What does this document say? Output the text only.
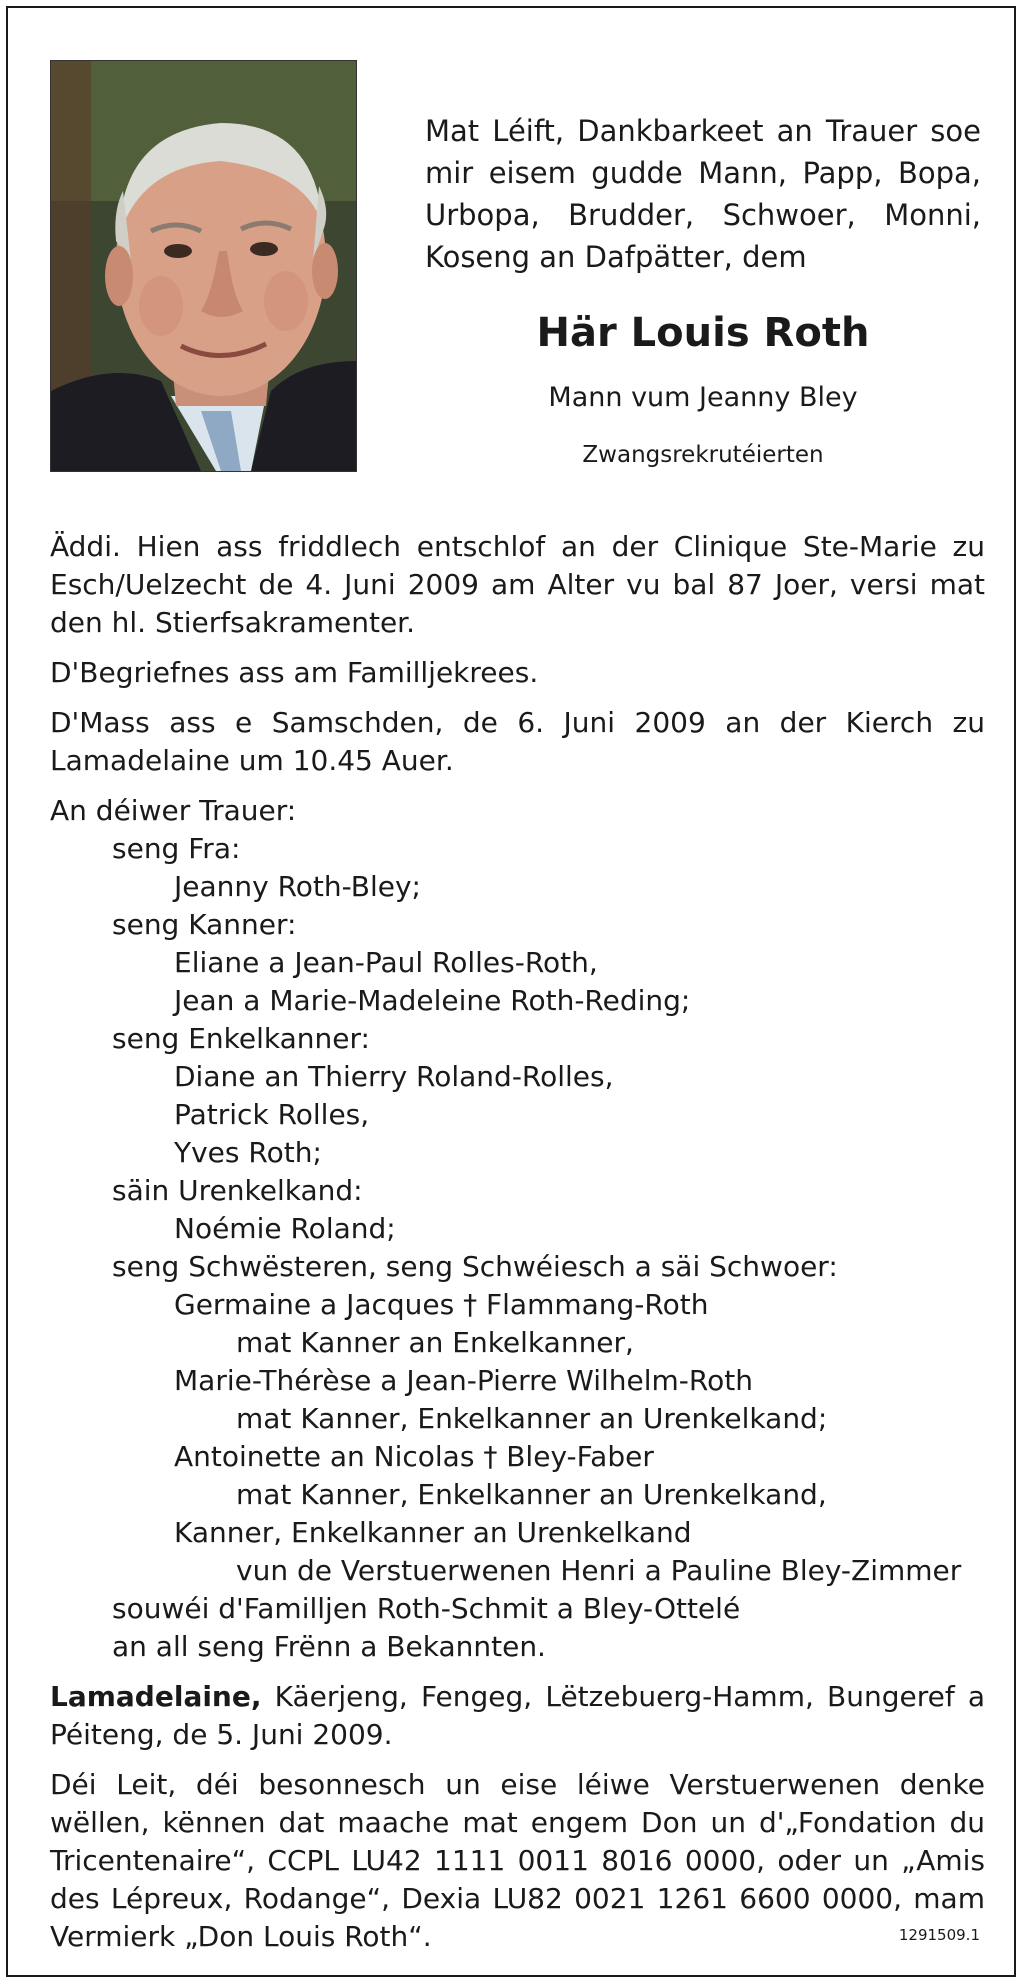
Mat Léift, Dankbarkeet an Trauer soe mir eisem gudde Mann, Papp, Bopa, Urbopa, Brudder, Schwoer, Monni, Koseng an Dafpätter, dem
Här Louis Roth
Mann vum Jeanny Bley
Zwangsrekrutéierten

Äddi. Hien ass friddlech entschlof an der Clinique Ste-Marie zu Esch/Uelzecht de 4. Juni 2009 am Alter vu bal 87 Joer, versi mat den hl. Stierfsakramenter.

D'Begriefnes ass am Familljekrees.

D'Mass ass e Samschden, de 6. Juni 2009 an der Kierch zu Lamadelaine um 10.45 Auer.

An déiwer Trauer:

seng Fra:

Jeanny Roth-Bley;

seng Kanner:

Eliane a Jean-Paul Rolles-Roth,

Jean a Marie-Madeleine Roth-Reding;

seng Enkelkanner:

Diane an Thierry Roland-Rolles,

Patrick Rolles,

Yves Roth;

säin Urenkelkand:

Noémie Roland;

seng Schwësteren, seng Schwéiesch a säi Schwoer:

Germaine a Jacques † Flammang-Roth

mat Kanner an Enkelkanner,

Marie-Thérèse a Jean-Pierre Wilhelm-Roth

mat Kanner, Enkelkanner an Urenkelkand;

Antoinette an Nicolas † Bley-Faber

mat Kanner, Enkelkanner an Urenkelkand,

Kanner, Enkelkanner an Urenkelkand

vun de Verstuerwenen Henri a Pauline Bley-Zimmer

souwéi d'Familljen Roth-Schmit a Bley-Ottelé

an all seng Frënn a Bekannten.

Lamadelaine, Käerjeng, Fengeg, Lëtzebuerg-Hamm, Bungeref a Péiteng, de 5. Juni 2009.

Déi Leit, déi besonnesch un eise léiwe Verstuerwenen denke wëllen, kënnen dat maache mat engem Don un d'„Fondation du Tricentenaire“, CCPL LU42 1111 0011 8016 0000, oder un „Amis des Lépreux, Rodange“, Dexia LU82 0021 1261 6600 0000, mam Vermierk „Don Louis Roth“.	1291509.1
